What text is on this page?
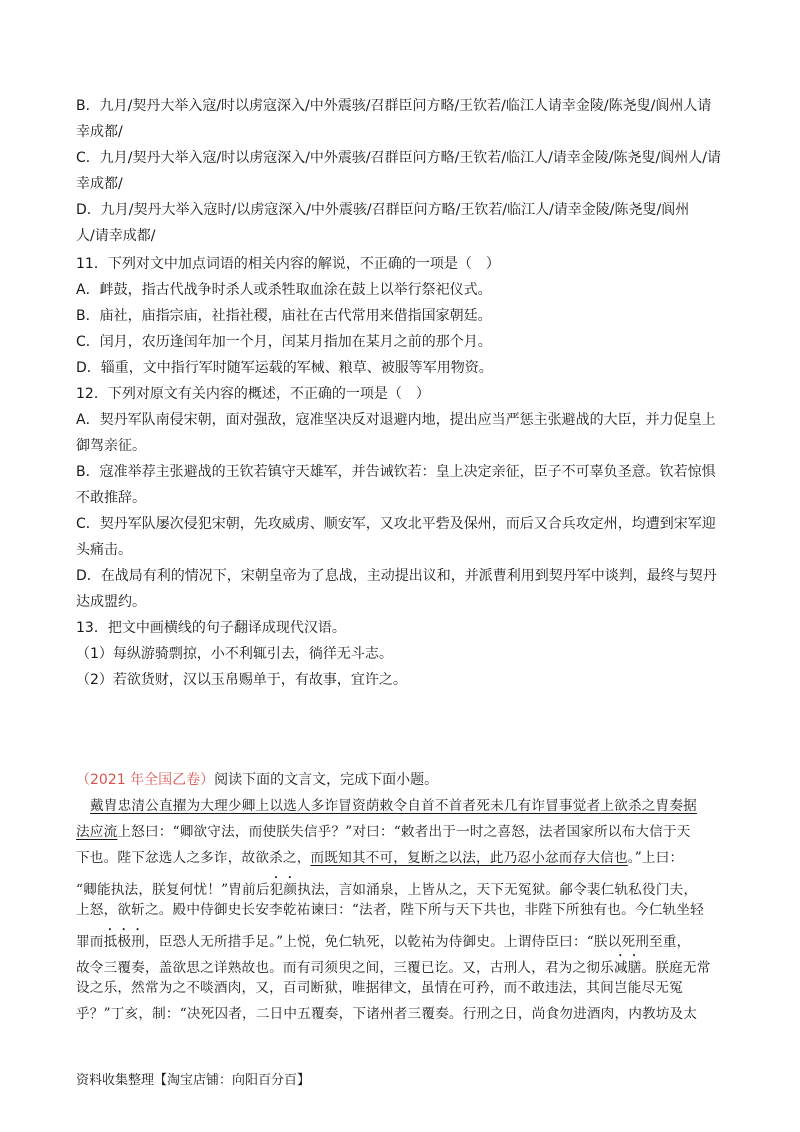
B．九月/契丹大举入寇/时以虏寇深入/中外震骇/召群臣问方略/王钦若/临江人请幸金陵/陈尧叟/阆州人请
幸成都/
C．九月/契丹大举入寇/时以虏寇深入/中外震骇/召群臣问方略/王钦若/临江人/请幸金陵/陈尧叟/阆州人/请
幸成都/
D．九月/契丹大举入寇时/以虏寇深入/中外震骇/召群臣问方略/王钦若/临江人/请幸金陵/陈尧叟/阆州
人/请幸成都/
11．下列对文中加点词语的相关内容的解说，不正确的一项是（　）
A．衅鼓，指古代战争时杀人或杀牲取血涂在鼓上以举行祭祀仪式。
B．庙社，庙指宗庙，社指社稷，庙社在古代常用来借指国家朝廷。
C．闰月，农历逢闰年加一个月，闰某月指加在某月之前的那个月。
D．辎重，文中指行军时随军运载的军械、粮草、被服等军用物资。
12．下列对原文有关内容的概述，不正确的一项是（　）
A．契丹军队南侵宋朝，面对强敌，寇准坚决反对退避内地，提出应当严惩主张避战的大臣，并力促皇上
御驾亲征。
B．寇准举荐主张避战的王钦若镇守天雄军，并告诫钦若：皇上决定亲征，臣子不可辜负圣意。钦若惊惧
不敢推辞。
C．契丹军队屡次侵犯宋朝，先攻威虏、顺安军，又攻北平砦及保州，而后又合兵攻定州，均遭到宋军迎
头痛击。
D．在战局有利的情况下，宋朝皇帝为了息战，主动提出议和，并派曹利用到契丹军中谈判，最终与契丹
达成盟约。
13．把文中画横线的句子翻译成现代汉语。
（1）每纵游骑剽掠，小不利辄引去，徜徉无斗志。
（2）若欲货财，汉以玉帛赐单于，有故事，宜许之。
（2021 年全国乙卷）阅读下面的文言文，完成下面小题。
戴胄忠清公直擢为大理少卿上以选人多诈冒资荫敕令自首不首者死未几有诈冒事觉者上欲杀之胄奏据
法应流上怒曰：“卿欲守法，而使朕失信乎？”对曰：“敕者出于一时之喜怒，法者国家所以布大信于天
下也。陛下忿选人之多诈，故欲杀之，而既知其不可，复断之以法，此乃忍小忿而存大信也。”上曰：
“卿能执法，朕复何忧！”胄前后犯颜执法，言如涌泉，上皆从之，天下无冤狱。鄃令裴仁轨私役门夫，
上怒，欲斩之。殿中侍御史长安李乾祐谏曰：“法者，陛下所与天下共也，非陛下所独有也。今仁轨坐轻
罪而抵极刑，臣恐人无所措手足。”上悦，免仁轨死，以乾祐为侍御史。上谓侍臣曰：“朕以死刑至重，
故令三覆奏，盖欲思之详熟故也。而有司须臾之间，三覆已讫。又，古刑人，君为之彻乐减膳。朕庭无常
设之乐，然常为之不啖酒肉，又，百司断狱，唯据律文，虽情在可矜，而不敢违法，其间岂能尽无冤
乎？”丁亥，制：“决死囚者，二日中五覆奏，下诸州者三覆奏。行刑之日，尚食勿进酒肉，内教坊及太
资料收集整理【淘宝店铺：向阳百分百】
